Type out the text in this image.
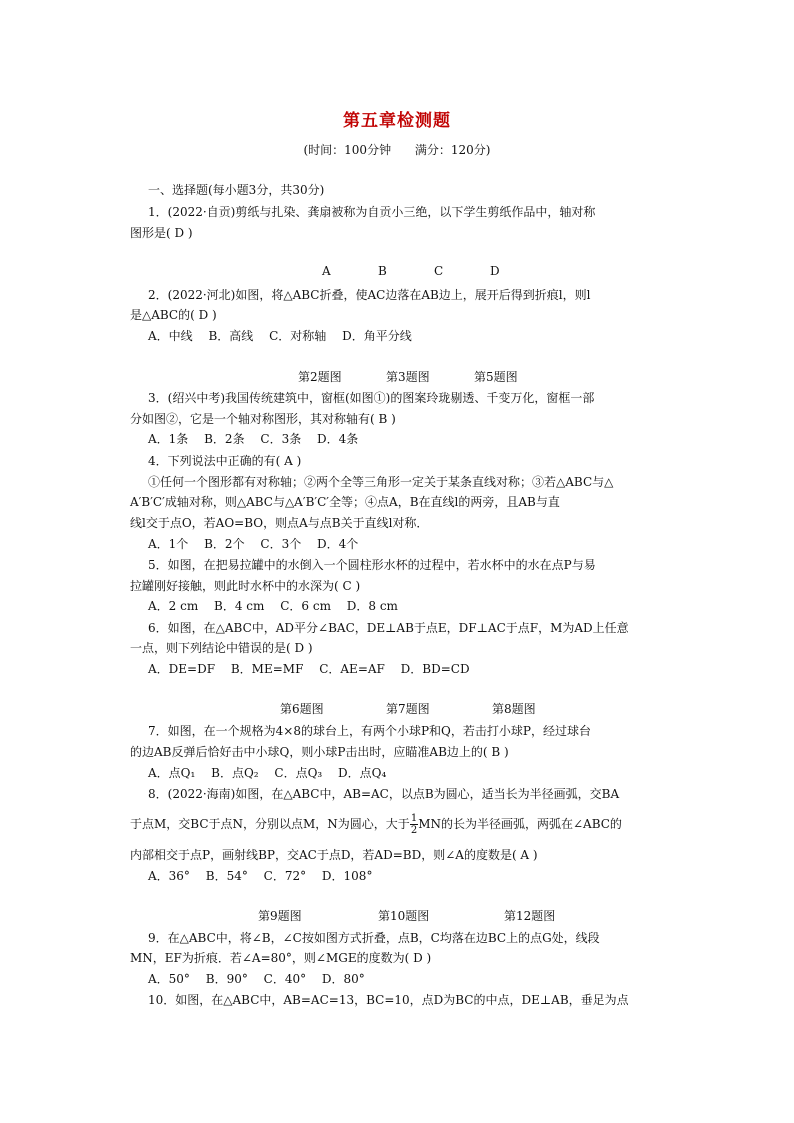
第五章检测题
(时间：100分钟 满分：120分)
一、选择题(每小题3分，共30分)
1．(2022·自贡)剪纸与扎染、龚扇被称为自贡小三绝，以下学生剪纸作品中，轴对称
图形是( D )
A	B	C	D
2．(2022·河北)如图，将△ABC折叠，使AC边落在AB边上，展开后得到折痕l，则l
是△ABC的( D )
A．中线　 B．高线　 C．对称轴　 D．角平分线
第2题图	第3题图	第5题图
3．(绍兴中考)我国传统建筑中，窗框(如图①)的图案玲珑剔透、千变万化，窗框一部
分如图②，它是一个轴对称图形，其对称轴有( B )
A．1条　 B．2条　 C．3条　 D．4条
4．下列说法中正确的有( A )
①任何一个图形都有对称轴；②两个全等三角形一定关于某条直线对称；③若△ABC与△
A′B′C′成轴对称，则△ABC与△A′B′C′全等；④点A，B在直线l的两旁，且AB与直
线l交于点O，若AO=BO，则点A与点B关于直线l对称．
A．1个　 B．2个　 C．3个　 D．4个
5．如图，在把易拉罐中的水倒入一个圆柱形水杯的过程中，若水杯中的水在点P与易
拉罐刚好接触，则此时水杯中的水深为( C )
A．2 cm　 B．4 cm　 C．6 cm　 D．8 cm
6．如图，在△ABC中，AD平分∠BAC，DE⊥AB于点E，DF⊥AC于点F，M为AD上任意
一点，则下列结论中错误的是( D )
A．DE=DF　 B．ME=MF　 C．AE=AF　 D．BD=CD
第6题图	第7题图	第8题图
7．如图，在一个规格为4×8的球台上，有两个小球P和Q，若击打小球P，经过球台
的边AB反弹后恰好击中小球Q，则小球P击出时，应瞄准AB边上的( B )
A．点Q₁　 B．点Q₂　 C．点Q₃　 D．点Q₄
8．(2022·海南)如图，在△ABC中，AB=AC，以点B为圆心，适当长为半径画弧，交BA
于点M，交BC于点N，分别以点M，N为圆心，大于 $\frac{1}{2}$ MN的长为半径画弧，两弧在∠ABC的
内部相交于点P，画射线BP，交AC于点D，若AD=BD，则∠A的度数是( A )
A．36°　 B．54°　 C．72°　 D．108°
第9题图	第10题图	第12题图
9．在△ABC中，将∠B，∠C按如图方式折叠，点B，C均落在边BC上的点G处，线段
MN，EF为折痕．若∠A=80°，则∠MGE的度数为( D )
A．50°　 B．90°　 C．40°　 D．80°
10．如图，在△ABC中，AB=AC=13，BC=10，点D为BC的中点，DE⊥AB，垂足为点
